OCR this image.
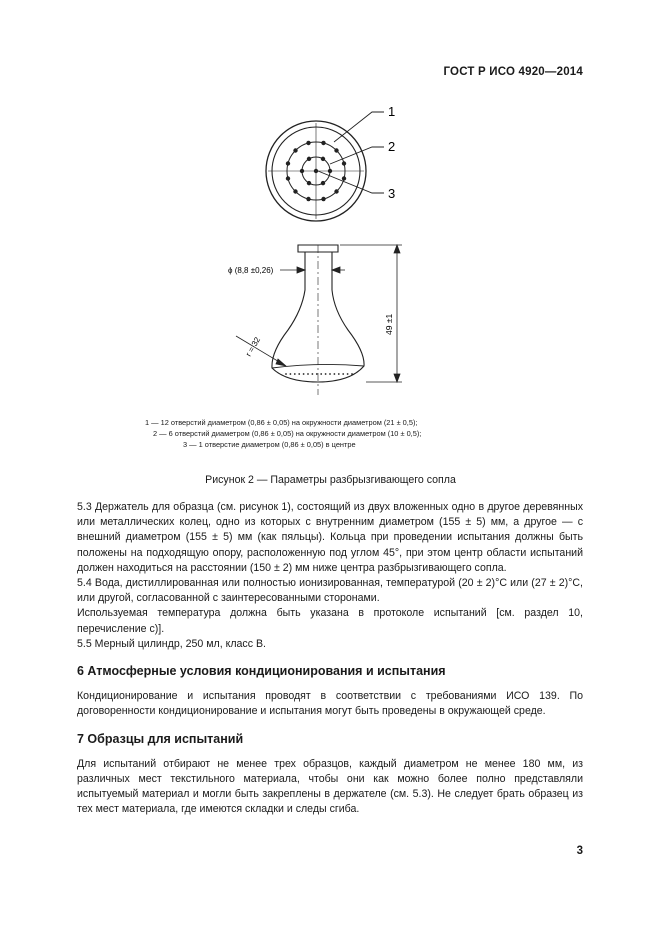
ГОСТ Р ИСО 4920—2014
1
2
3
49 ±1
ϕ (8,8 ±0,26)
r = 32
1 — 12 отверстий диаметром (0,86 ± 0,05) на окружности диаметром (21 ± 0,5);
2 — 6 отверстий диаметром (0,86 ± 0,05) на окружности диаметром (10 ± 0,5);
3 — 1 отверстие диаметром (0,86 ± 0,05) в центре
Рисунок 2 — Параметры разбрызгивающего сопла

5.3 Держатель для образца (см. рисунок 1), состоящий из двух вложенных одно в другое деревянных или металлических колец, одно из которых с внутренним диаметром (155 ± 5) мм, а другое — с внешний диаметром (155 ± 5) мм (как пяльцы). Кольца при проведении испытания должны быть положены на подходящую опору, расположенную под углом 45°, при этом центр области испытаний должен находиться на расстоянии (150 ± 2) мм ниже центра разбрызгивающего сопла.

5.4 Вода, дистиллированная или полностью ионизированная, температурой (20 ± 2)°С или (27 ± 2)°С, или другой, согласованной с заинтересованными сторонами.

Используемая температура должна быть указана в протоколе испытаний [см. раздел 10, перечисление с)].

5.5 Мерный цилиндр, 250 мл, класс В.

6 Атмосферные условия кондиционирования и испытания

Кондиционирование и испытания проводят в соответствии с требованиями ИСО 139. По договоренности кондиционирование и испытания могут быть проведены в окружающей среде.

7 Образцы для испытаний

Для испытаний отбирают не менее трех образцов, каждый диаметром не менее 180 мм, из различных мест текстильного материала, чтобы они как можно более полно представляли испытуемый материал и могли быть закреплены в держателе (см. 5.3). Не следует брать образец из тех мест материала, где имеются складки и следы сгиба.

3
